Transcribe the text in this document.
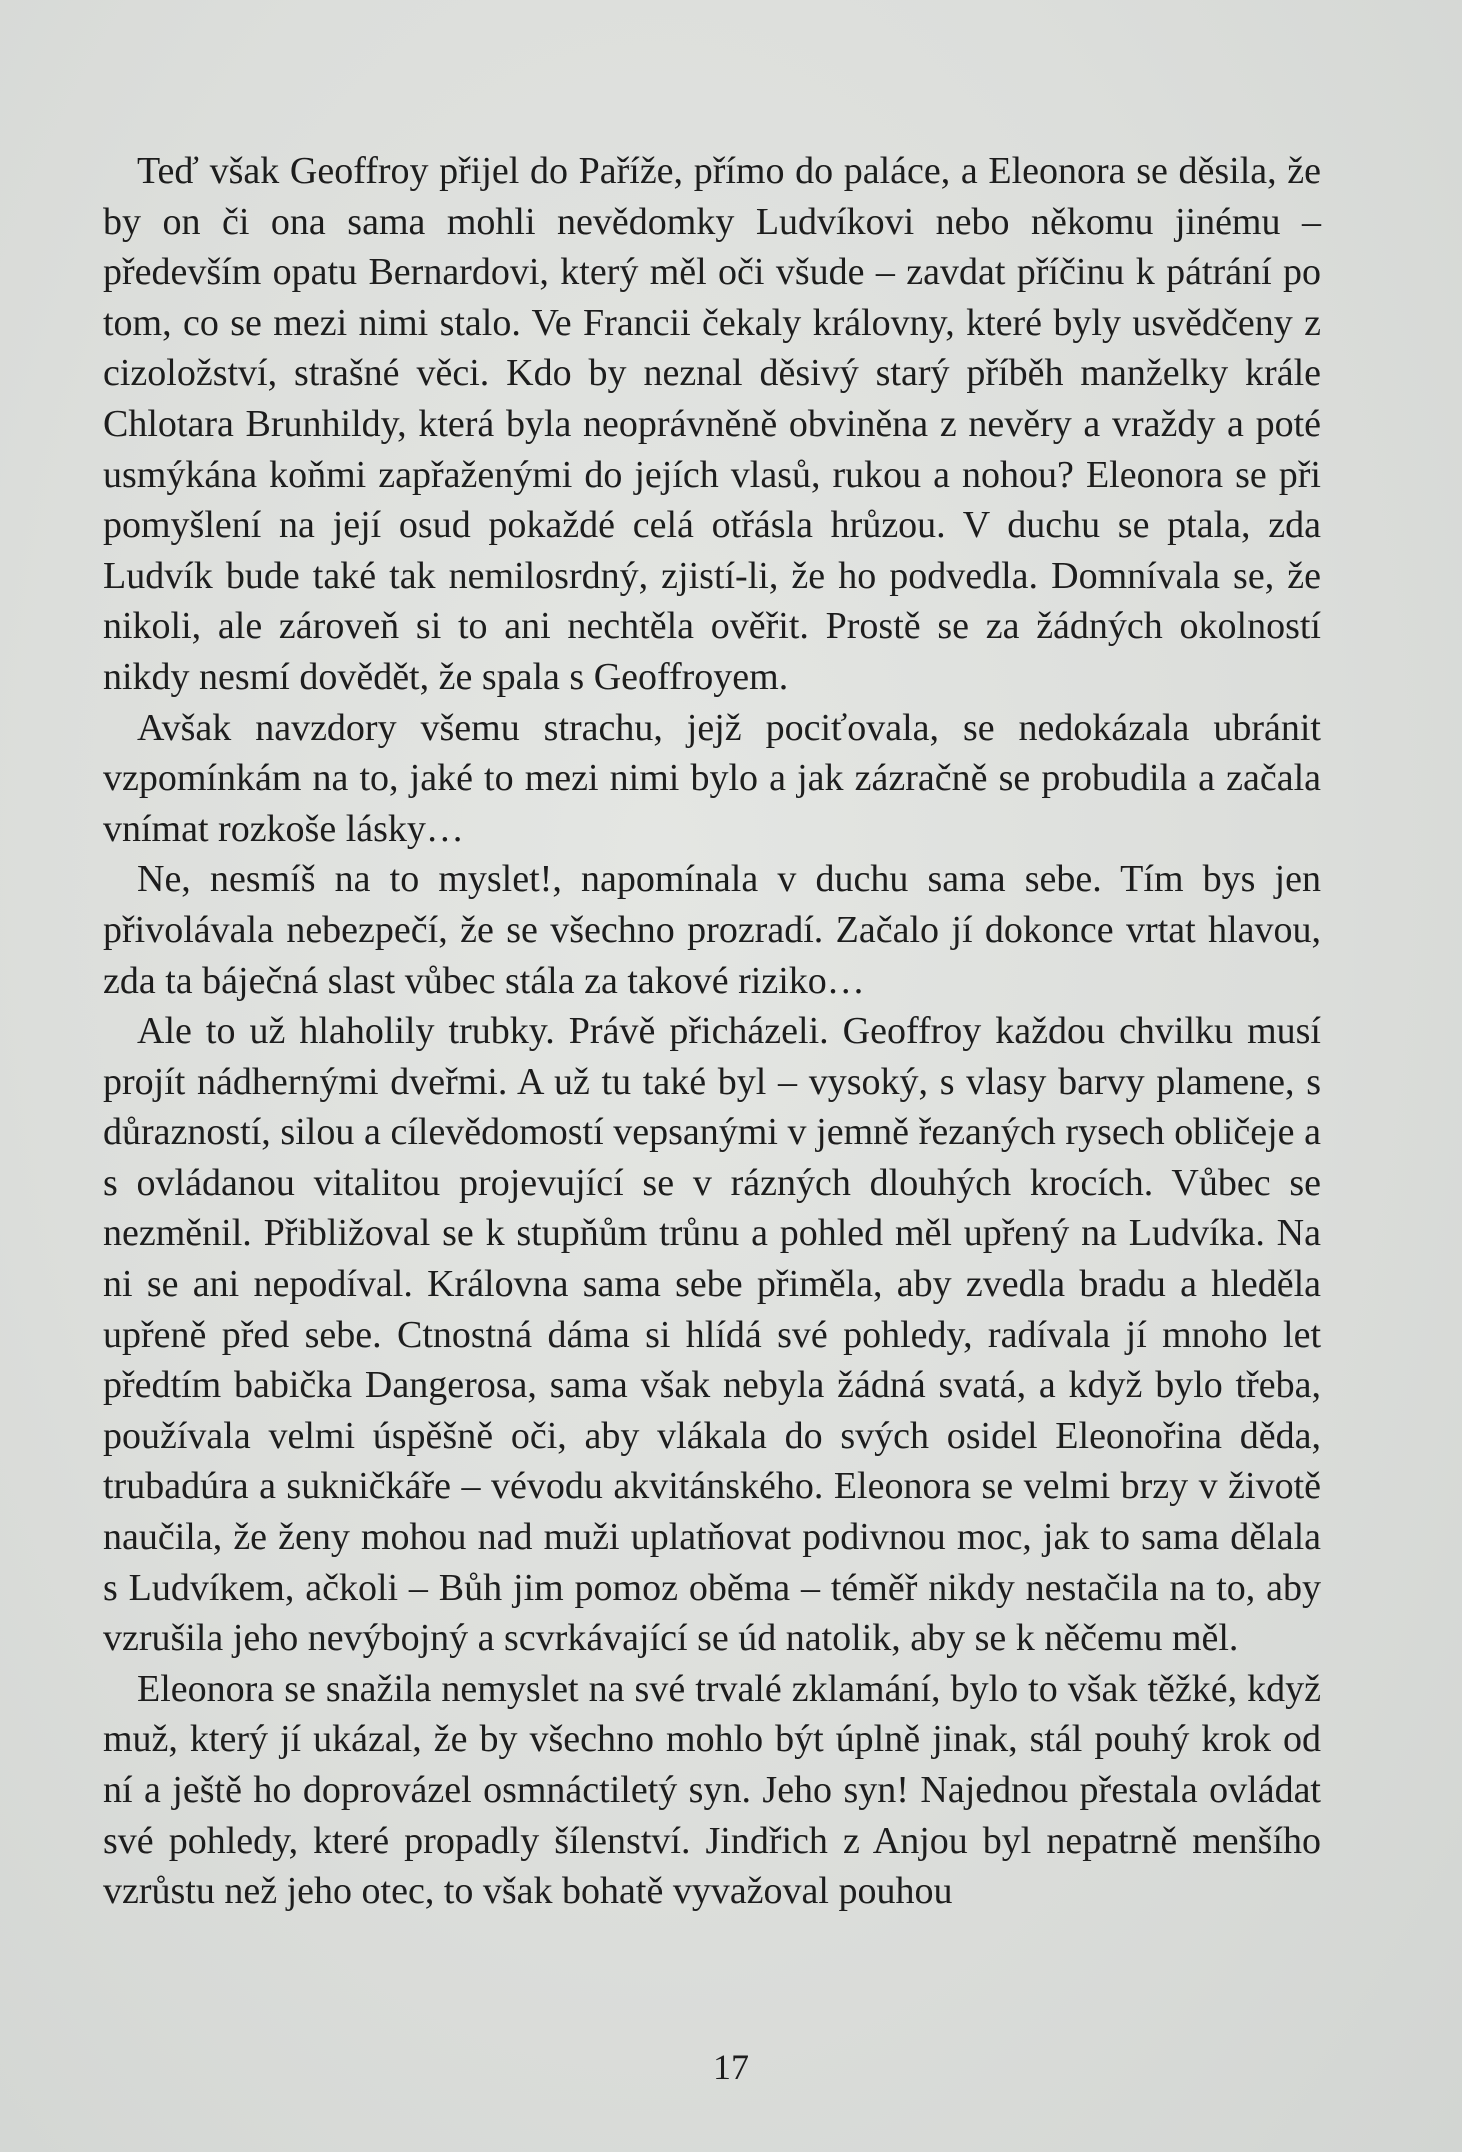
Teď však Geoffroy přijel do Paříže, přímo do paláce, a Eleonora se děsila, že by on či ona sama mohli nevědomky Ludvíkovi nebo někomu jinému – především opatu Bernardovi, který měl oči všude – zavdat příčinu k pátrání po tom, co se mezi nimi stalo. Ve Francii čekaly královny, které byly usvědčeny z cizoložství, strašné věci. Kdo by neznal děsivý starý příběh manželky krále Chlotara Brunhildy, která byla neoprávněně obviněna z nevěry a vraždy a poté usmýkána koňmi zapřaženými do jejích vlasů, rukou a nohou? Eleonora se při pomyšlení na její osud pokaždé celá otřásla hrůzou. V duchu se ptala, zda Ludvík bude také tak nemilosrdný, zjistí-li, že ho podvedla. Domnívala se, že nikoli, ale zároveň si to ani nechtěla ověřit. Prostě se za žádných okolností nikdy nesmí dovědět, že spala s Geoffroyem.

Avšak navzdory všemu strachu, jejž pociťovala, se nedokázala ubránit vzpomínkám na to, jaké to mezi nimi bylo a jak zázračně se probudila a začala vnímat rozkoše lásky…

Ne, nesmíš na to myslet!, napomínala v duchu sama sebe. Tím bys jen přivolávala nebezpečí, že se všechno prozradí. Začalo jí dokonce vrtat hlavou, zda ta báječná slast vůbec stála za takové riziko…

Ale to už hlaholily trubky. Právě přicházeli. Geoffroy každou chvilku musí projít nádhernými dveřmi. A už tu také byl – vysoký, s vlasy barvy plamene, s důrazností, silou a cílevědomostí vepsanými v jemně řezaných rysech obličeje a s ovládanou vitalitou projevující se v rázných dlouhých krocích. Vůbec se nezměnil. Přibližoval se k stupňům trůnu a pohled měl upřený na Ludvíka. Na ni se ani nepodíval. Královna sama sebe přiměla, aby zvedla bradu a hleděla upřeně před sebe. Ctnostná dáma si hlídá své pohledy, radívala jí mnoho let předtím babička Dangerosa, sama však nebyla žádná svatá, a když bylo třeba, používala velmi úspěšně oči, aby vlákala do svých osidel Eleonořina děda, trubadúra a sukničkáře – vévodu akvitánského. Eleonora se velmi brzy v životě naučila, že ženy mohou nad muži uplatňovat podivnou moc, jak to sama dělala s Ludvíkem, ačkoli – Bůh jim pomoz oběma – téměř nikdy nestačila na to, aby vzrušila jeho nevýbojný a scvrkávající se úd natolik, aby se k něčemu měl.

Eleonora se snažila nemyslet na své trvalé zklamání, bylo to však těžké, když muž, který jí ukázal, že by všechno mohlo být úplně jinak, stál pouhý krok od ní a ještě ho doprovázel osmnáctiletý syn. Jeho syn! Najednou přestala ovládat své pohledy, které propadly šílenství. Jindřich z Anjou byl nepatrně menšího vzrůstu než jeho otec, to však bohatě vyvažoval pouhou

17
